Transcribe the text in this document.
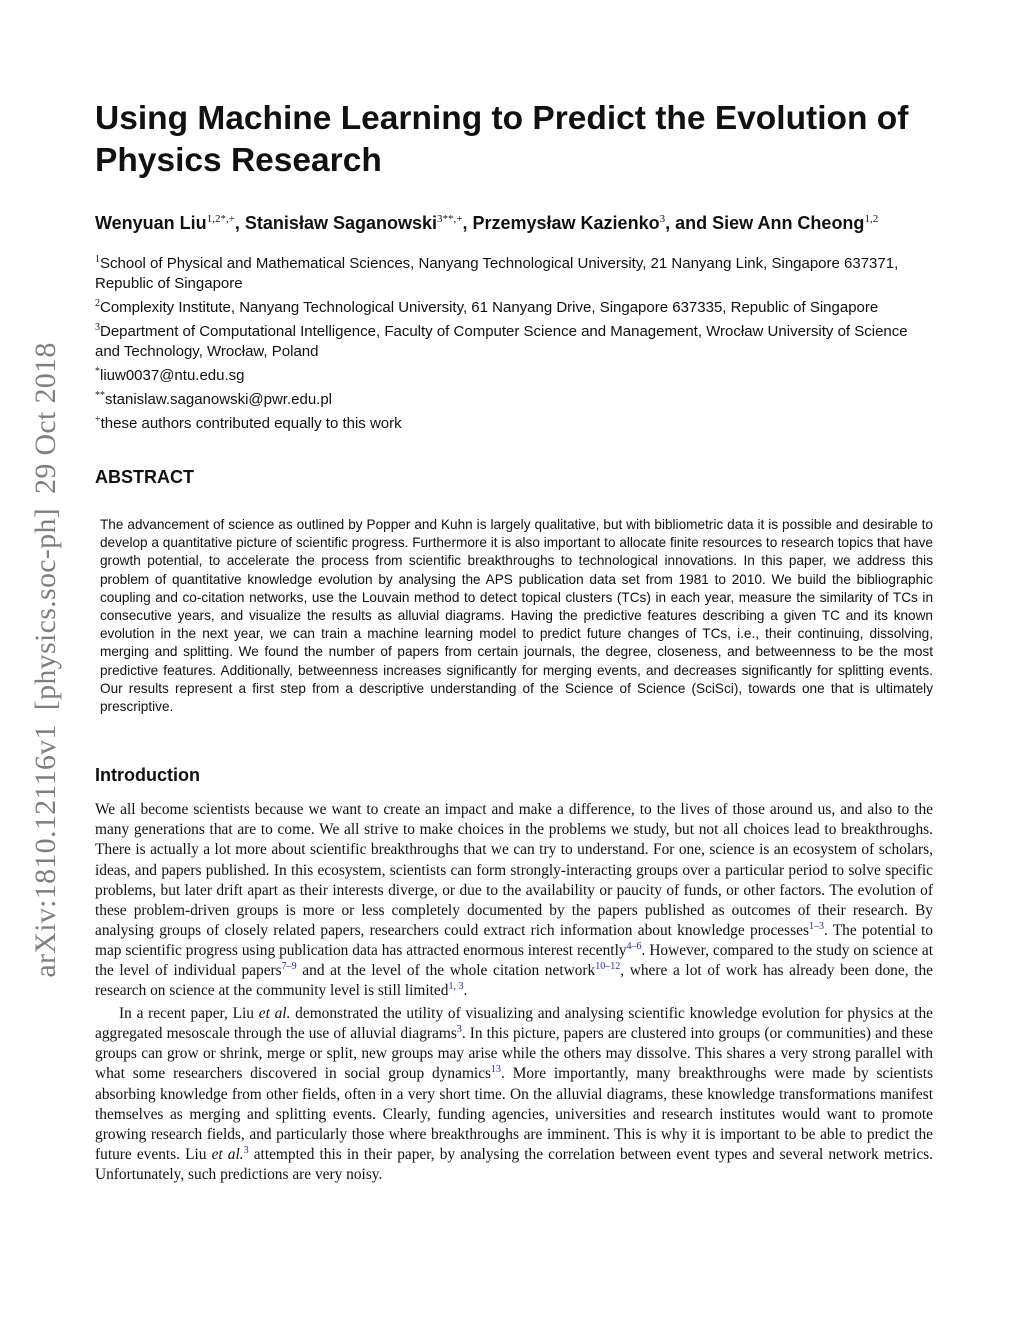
arXiv:1810.12116v1[physics.soc-ph]29 Oct 2018
Using Machine Learning to Predict the Evolution of Physics Research
Wenyuan Liu$^{1,2*,+}$, Stanisław Saganowski$^{3**,+}$, Przemysław Kazienko$^3$, and Siew Ann Cheong$^{1,2}$
$^1$School of Physical and Mathematical Sciences, Nanyang Technological University, 21 Nanyang Link, Singapore 637371, Republic of Singapore
$^2$Complexity Institute, Nanyang Technological University, 61 Nanyang Drive, Singapore 637335, Republic of Singapore
$^3$Department of Computational Intelligence, Faculty of Computer Science and Management, Wrocław University of Science and Technology, Wrocław, Poland
*liuw0037@ntu.edu.sg
**stanislaw.saganowski@pwr.edu.pl
+these authors contributed equally to this work
ABSTRACT
The advancement of science as outlined by Popper and Kuhn is largely qualitative, but with bibliometric data it is possible and desirable to develop a quantitative picture of scientific progress. Furthermore it is also important to allocate finite resources to research topics that have growth potential, to accelerate the process from scientific breakthroughs to technological innovations. In this paper, we address this problem of quantitative knowledge evolution by analysing the APS publication data set from 1981 to 2010. We build the bibliographic coupling and co-citation networks, use the Louvain method to detect topical clusters (TCs) in each year, measure the similarity of TCs in consecutive years, and visualize the results as alluvial diagrams. Having the predictive features describing a given TC and its known evolution in the next year, we can train a machine learning model to predict future changes of TCs, i.e., their continuing, dissolving, merging and splitting. We found the number of papers from certain journals, the degree, closeness, and betweenness to be the most predictive features. Additionally, betweenness increases significantly for merging events, and decreases significantly for splitting events. Our results represent a first step from a descriptive understanding of the Science of Science (SciSci), towards one that is ultimately prescriptive.
Introduction

We all become scientists because we want to create an impact and make a difference, to the lives of those around us, and also to the many generations that are to come. We all strive to make choices in the problems we study, but not all choices lead to breakthroughs. There is actually a lot more about scientific breakthroughs that we can try to understand. For one, science is an ecosystem of scholars, ideas, and papers published. In this ecosystem, scientists can form strongly-interacting groups over a particular period to solve specific problems, but later drift apart as their interests diverge, or due to the availability or paucity of funds, or other factors. The evolution of these problem-driven groups is more or less completely documented by the papers published as outcomes of their research. By analysing groups of closely related papers, researchers could extract rich information about knowledge processes$^{1-3}$. The potential to map scientific progress using publication data has attracted enormous interest recently$^{4-6}$. However, compared to the study on science at the level of individual papers$^{7-9}$ and at the level of the whole citation network$^{10-12}$, where a lot of work has already been done, the research on science at the community level is still limited$^{1, 3}$.

In a recent paper, Liu et al. demonstrated the utility of visualizing and analysing scientific knowledge evolution for physics at the aggregated mesoscale through the use of alluvial diagrams$^3$. In this picture, papers are clustered into groups (or communities) and these groups can grow or shrink, merge or split, new groups may arise while the others may dissolve. This shares a very strong parallel with what some researchers discovered in social group dynamics$^{13}$. More importantly, many breakthroughs were made by scientists absorbing knowledge from other fields, often in a very short time. On the alluvial diagrams, these knowledge transformations manifest themselves as merging and splitting events. Clearly, funding agencies, universities and research institutes would want to promote growing research fields, and particularly those where breakthroughs are imminent. This is why it is important to be able to predict the future events. Liu et al.$^3$ attempted this in their paper, by analysing the correlation between event types and several network metrics. Unfortunately, such predictions are very noisy.
